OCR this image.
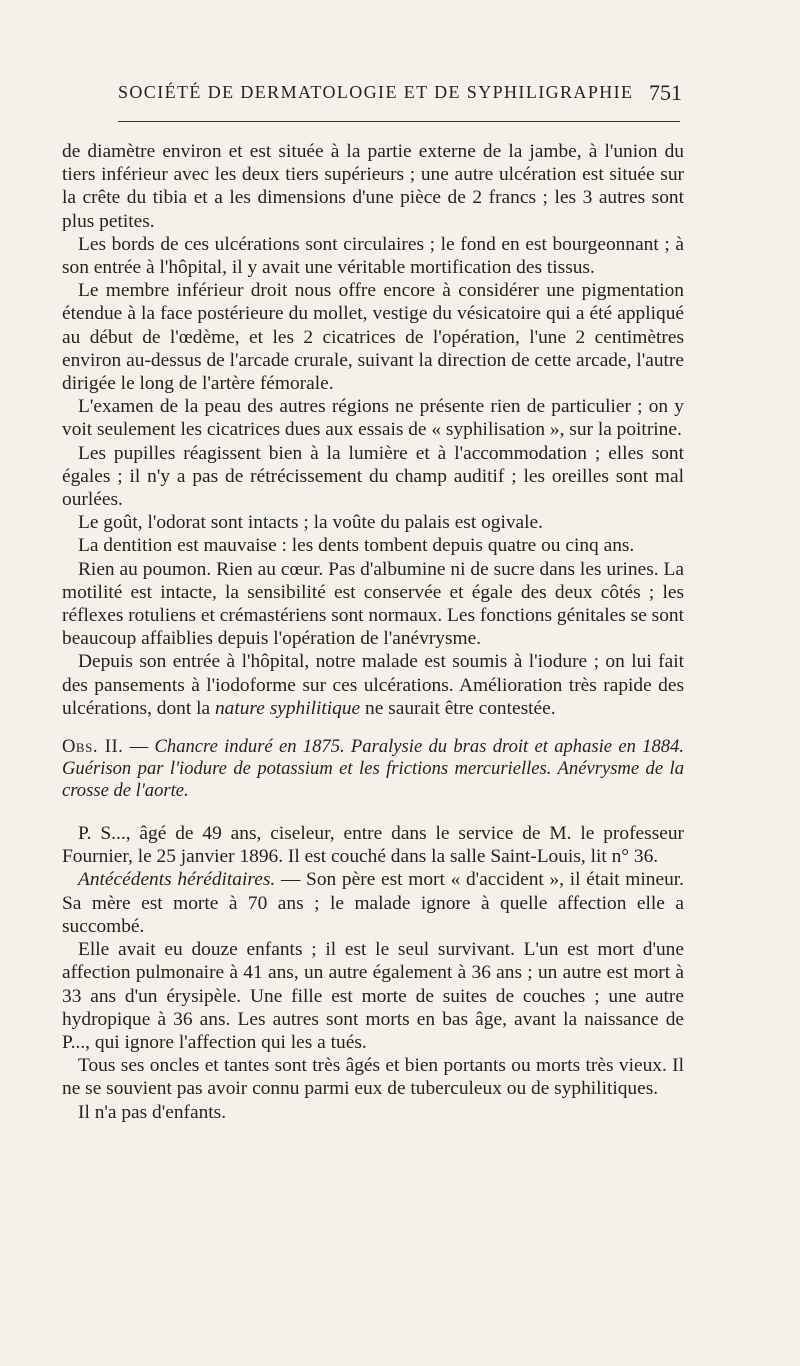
SOCIÉTÉ DE DERMATOLOGIE ET DE SYPHILIGRAPHIE 751

de diamètre environ et est située à la partie externe de la jambe, à l'union du tiers inférieur avec les deux tiers supérieurs ; une autre ulcération est située sur la crête du tibia et a les dimensions d'une pièce de 2 francs ; les 3 autres sont plus petites.

Les bords de ces ulcérations sont circulaires ; le fond en est bourgeonnant ; à son entrée à l'hôpital, il y avait une véritable mortification des tissus.

Le membre inférieur droit nous offre encore à considérer une pigmentation étendue à la face postérieure du mollet, vestige du vésicatoire qui a été appliqué au début de l'œdème, et les 2 cicatrices de l'opération, l'une 2 centimètres environ au-dessus de l'arcade crurale, suivant la direction de cette arcade, l'autre dirigée le long de l'artère fémorale.

L'examen de la peau des autres régions ne présente rien de particulier ; on y voit seulement les cicatrices dues aux essais de « syphilisation », sur la poitrine.

Les pupilles réagissent bien à la lumière et à l'accommodation ; elles sont égales ; il n'y a pas de rétrécissement du champ auditif ; les oreilles sont mal ourlées.

Le goût, l'odorat sont intacts ; la voûte du palais est ogivale.

La dentition est mauvaise : les dents tombent depuis quatre ou cinq ans.

Rien au poumon. Rien au cœur. Pas d'albumine ni de sucre dans les urines. La motilité est intacte, la sensibilité est conservée et égale des deux côtés ; les réflexes rotuliens et crémastériens sont normaux. Les fonctions génitales se sont beaucoup affaiblies depuis l'opération de l'anévrysme.

Depuis son entrée à l'hôpital, notre malade est soumis à l'iodure ; on lui fait des pansements à l'iodoforme sur ces ulcérations. Amélioration très rapide des ulcérations, dont la nature syphilitique ne saurait être contestée.

Obs. II. — Chancre induré en 1875. Paralysie du bras droit et aphasie en 1884. Guérison par l'iodure de potassium et les frictions mercurielles. Anévrysme de la crosse de l'aorte.

P. S..., âgé de 49 ans, ciseleur, entre dans le service de M. le professeur Fournier, le 25 janvier 1896. Il est couché dans la salle Saint-Louis, lit n° 36.

Antécédents héréditaires. — Son père est mort « d'accident », il était mineur. Sa mère est morte à 70 ans ; le malade ignore à quelle affection elle a succombé.

Elle avait eu douze enfants ; il est le seul survivant. L'un est mort d'une affection pulmonaire à 41 ans, un autre également à 36 ans ; un autre est mort à 33 ans d'un érysipèle. Une fille est morte de suites de couches ; une autre hydropique à 36 ans. Les autres sont morts en bas âge, avant la naissance de P..., qui ignore l'affection qui les a tués.

Tous ses oncles et tantes sont très âgés et bien portants ou morts très vieux. Il ne se souvient pas avoir connu parmi eux de tuberculeux ou de syphilitiques.

Il n'a pas d'enfants.
